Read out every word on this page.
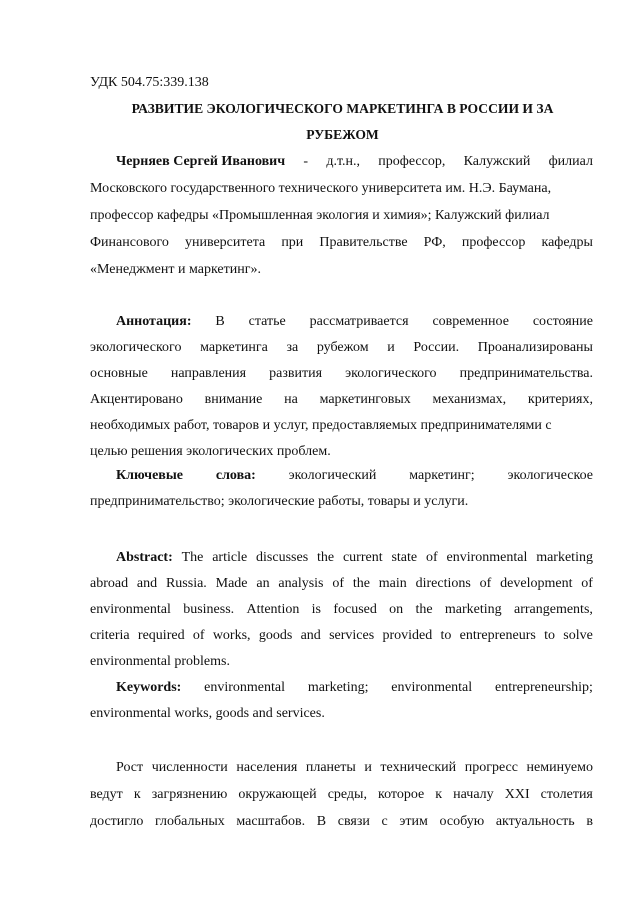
УДК 504.75:339.138
РАЗВИТИЕ ЭКОЛОГИЧЕСКОГО МАРКЕТИНГА В РОССИИ И ЗА
РУБЕЖОМ
Черняев Сергей Иванович - д.т.н., профессор, Калужский филиал
Московского государственного технического университета им. Н.Э. Баумана,
профессор кафедры «Промышленная экология и химия»; Калужский филиал
Финансового университета при Правительстве РФ, профессор кафедры
«Менеджмент и маркетинг».
Аннотация: В статье рассматривается современное состояние
экологического маркетинга за рубежом и России. Проанализированы
основные направления развития экологического предпринимательства.
Акцентировано внимание на маркетинговых механизмах, критериях,
необходимых работ, товаров и услуг, предоставляемых предпринимателями с
целью решения экологических проблем.
Ключевые слова: экологический маркетинг; экологическое
предпринимательство; экологические работы, товары и услуги.
Abstract: The article discusses the current state of environmental marketing
abroad and Russia. Made an analysis of the main directions of development of
environmental business. Attention is focused on the marketing arrangements,
criteria required of works, goods and services provided to entrepreneurs to solve
environmental problems.
Keywords: environmental marketing; environmental entrepreneurship;
environmental works, goods and services.
Рост численности населения планеты и технический прогресс неминуемо
ведут к загрязнению окружающей среды, которое к началу XXI столетия
достигло глобальных масштабов. В связи с этим особую актуальность в
